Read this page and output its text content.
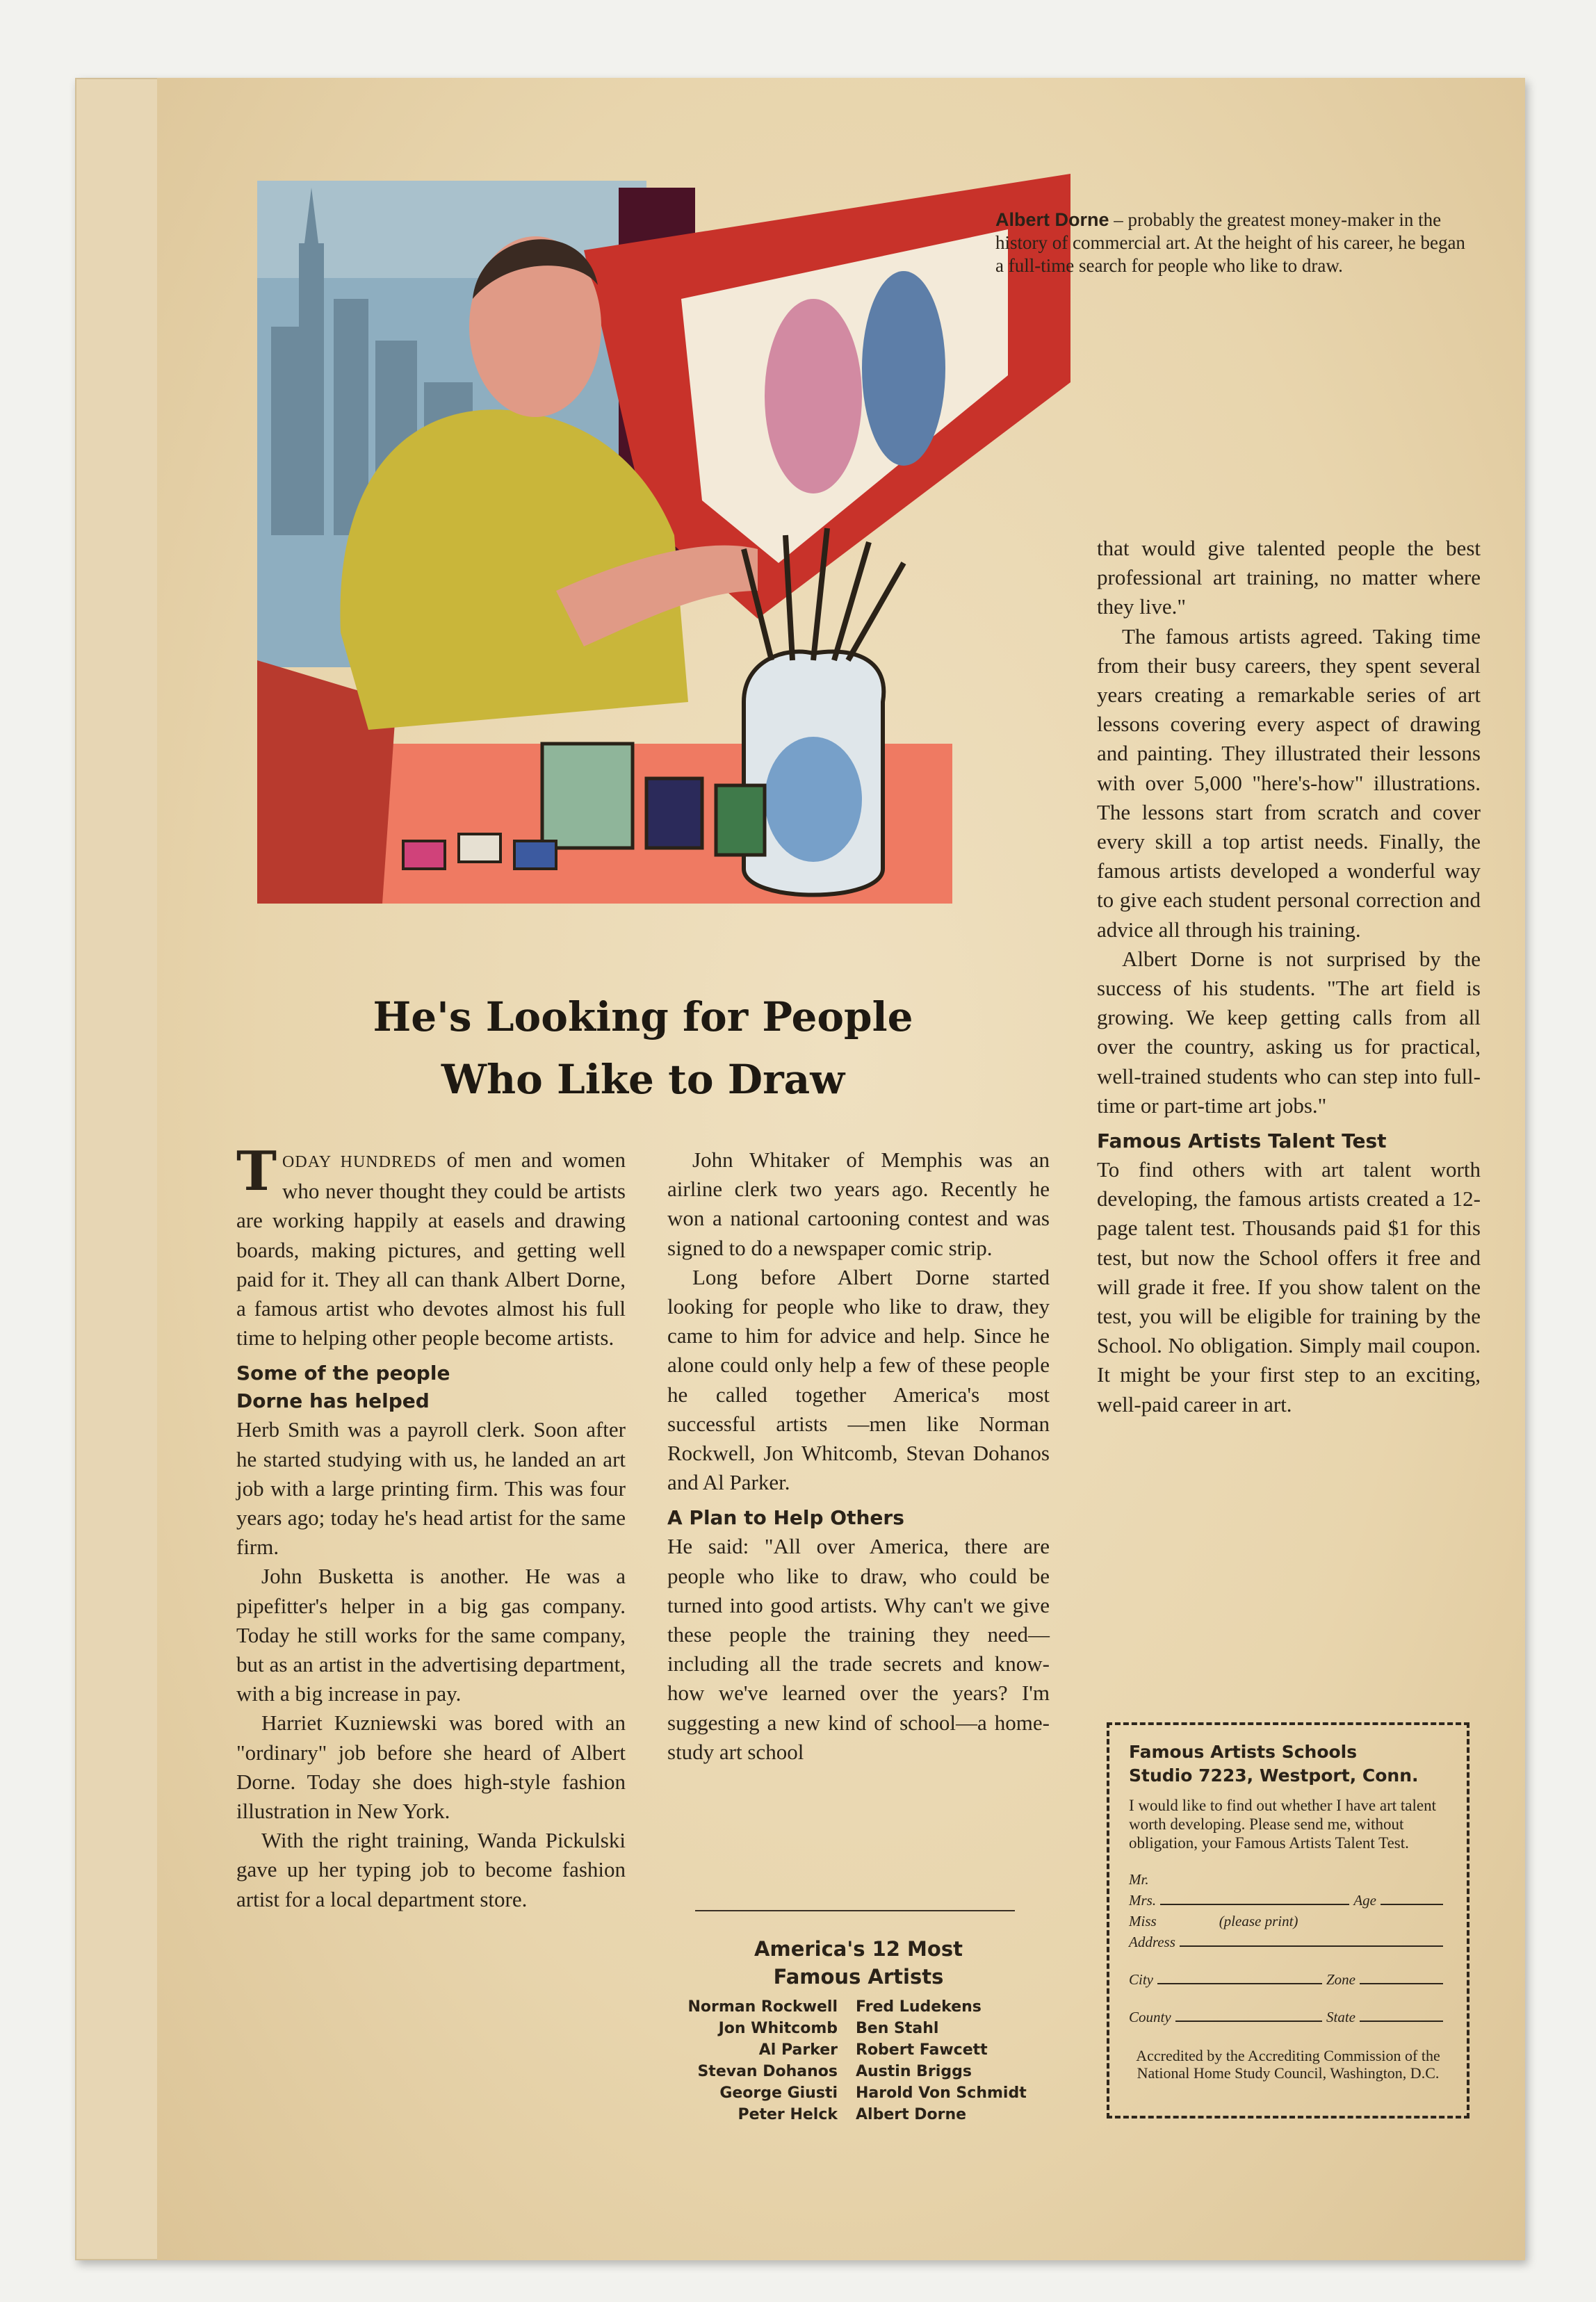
Albert Dorne – probably the greatest money-maker in the history of commercial art. At the height of his career, he began a full-time search for people who like to draw.
He's Looking for People
Who Like to Draw

TODAY HUNDREDS of men and women who never thought they could be artists are working happily at easels and drawing boards, making pictures, and getting well paid for it. They all can thank Albert Dorne, a famous artist who devotes almost his full time to helping other people become artists.

Some of the people
Dorne has helped

Herb Smith was a payroll clerk. Soon after he started studying with us, he landed an art job with a large printing firm. This was four years ago; today he's head artist for the same firm.

John Busketta is another. He was a pipefitter's helper in a big gas company. Today he still works for the same company, but as an artist in the advertising department, with a big increase in pay.

Harriet Kuzniewski was bored with an "ordinary" job before she heard of Albert Dorne. Today she does high-style fashion illustration in New York.

With the right training, Wanda Pickulski gave up her typing job to become fashion artist for a local department store.

John Whitaker of Memphis was an airline clerk two years ago. Recently he won a national cartooning contest and was signed to do a newspaper comic strip.

Long before Albert Dorne started looking for people who like to draw, they came to him for advice and help. Since he alone could only help a few of these people he called together America's most successful artists —men like Norman Rockwell, Jon Whitcomb, Stevan Dohanos and Al Parker.

A Plan to Help Others

He said: "All over America, there are people who like to draw, who could be turned into good artists. Why can't we give these people the training they need—including all the trade secrets and know-how we've learned over the years? I'm suggesting a new kind of school—a home-study art school

America's 12 Most
Famous Artists
Norman Rockwell	Fred Ludekens
Jon Whitcomb	Ben Stahl
Al Parker	Robert Fawcett
Stevan Dohanos	Austin Briggs
George Giusti	Harold Von Schmidt
Peter Helck	Albert Dorne

that would give talented people the best professional art training, no matter where they live."

The famous artists agreed. Taking time from their busy careers, they spent several years creating a remarkable series of art lessons covering every aspect of drawing and painting. They illustrated their lessons with over 5,000 "here's-how" illustrations. The lessons start from scratch and cover every skill a top artist needs. Finally, the famous artists developed a wonderful way to give each student personal correction and advice all through his training.

Albert Dorne is not surprised by the success of his students. "The art field is growing. We keep getting calls from all over the country, asking us for practical, well-trained students who can step into full-time or part-time art jobs."

Famous Artists Talent Test

To find others with art talent worth developing, the famous artists created a 12-page talent test. Thousands paid $1 for this test, but now the School offers it free and will grade it free. If you show talent on the test, you will be eligible for training by the School. No obligation. Simply mail coupon. It might be your first step to an exciting, well-paid career in art.

Famous Artists Schools
Studio 7223, Westport, Conn.
I would like to find out whether I have art talent worth developing. Please send me, without obligation, your Famous Artists Talent Test.
Mr.
Mrs.	Age
Miss	(please print)
Address
City	Zone
County	State
Accredited by the Accrediting Commission of the National Home Study Council, Washington, D.C.
